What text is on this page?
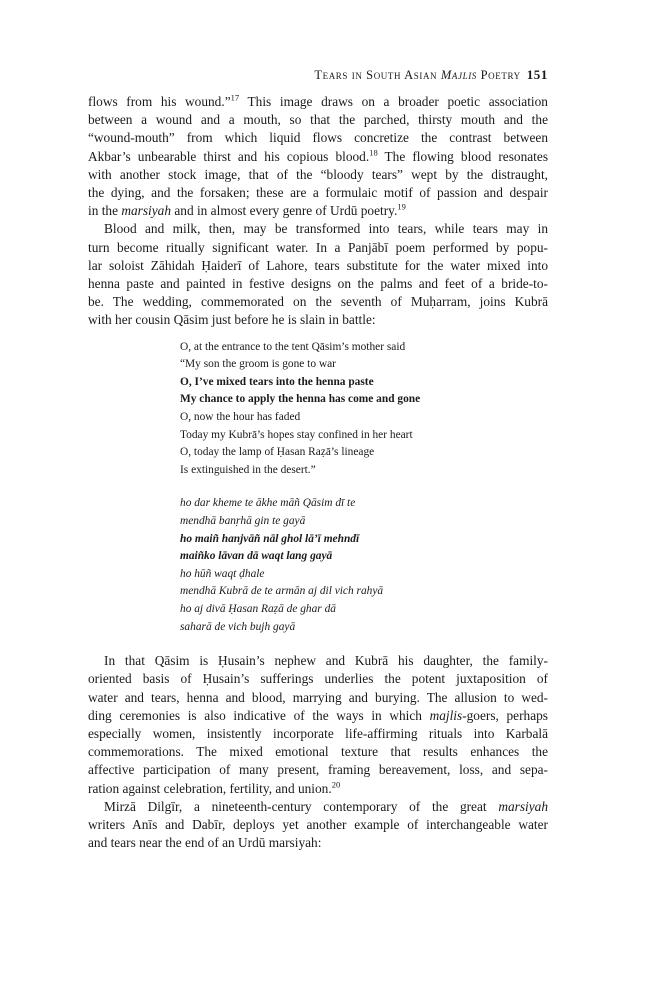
Tears in South Asian Majlis Poetry 151

flows from his wound.”$^{17}$ This image draws on a broader poetic association
between a wound and a mouth, so that the parched, thirsty mouth and the
“wound-mouth” from which liquid flows concretize the contrast between
Akbar’s unbearable thirst and his copious blood.$^{18}$ The flowing blood resonates
with another stock image, that of the “bloody tears” wept by the distraught,
the dying, and the forsaken; these are a formulaic motif of passion and despair
in the marsiyah and in almost every genre of Urdū poetry.$^{19}$

Blood and milk, then, may be transformed into tears, while tears may in
turn become ritually significant water. In a Panjābī poem performed by popu-
lar soloist Zāhidah Ḥaiderī of Lahore, tears substitute for the water mixed into
henna paste and painted in festive designs on the palms and feet of a bride-to-
be. The wedding, commemorated on the seventh of Muḥarram, joins Kubrā
with her cousin Qāsim just before he is slain in battle:

O, at the entrance to the tent Qāsim’s mother said
“My son the groom is gone to war
O, I’ve mixed tears into the henna paste
My chance to apply the henna has come and gone
O, now the hour has faded
Today my Kubrā’s hopes stay confined in her heart
O, today the lamp of Ḥasan Raẓā’s lineage
Is extinguished in the desert.”
ho dar kheme te ākhe māñ Qāsim dī te
mendhā banṛhā gin te gayā
ho maiñ hanjvāñ nāl ghol lā’ī mehndī
maiñko lāvan dā waqt lang gayā
ho hūñ waqt ḍhale
mendhā Kubrā de te armān aj dil vich rahyā
ho aj divā Ḥasan Raẓā de ghar dā
saharā de vich bujh gayā

In that Qāsim is Ḥusain’s nephew and Kubrā his daughter, the family-
oriented basis of Ḥusain’s sufferings underlies the potent juxtaposition of
water and tears, henna and blood, marrying and burying. The allusion to wed-
ding ceremonies is also indicative of the ways in which majlis-goers, perhaps
especially women, insistently incorporate life-affirming rituals into Karbalā
commemorations. The mixed emotional texture that results enhances the
affective participation of many present, framing bereavement, loss, and sepa-
ration against celebration, fertility, and union.$^{20}$

Mirzā Dilgīr, a nineteenth-century contemporary of the great marsiyah
writers Anīs and Dabīr, deploys yet another example of interchangeable water
and tears near the end of an Urdū marsiyah:
